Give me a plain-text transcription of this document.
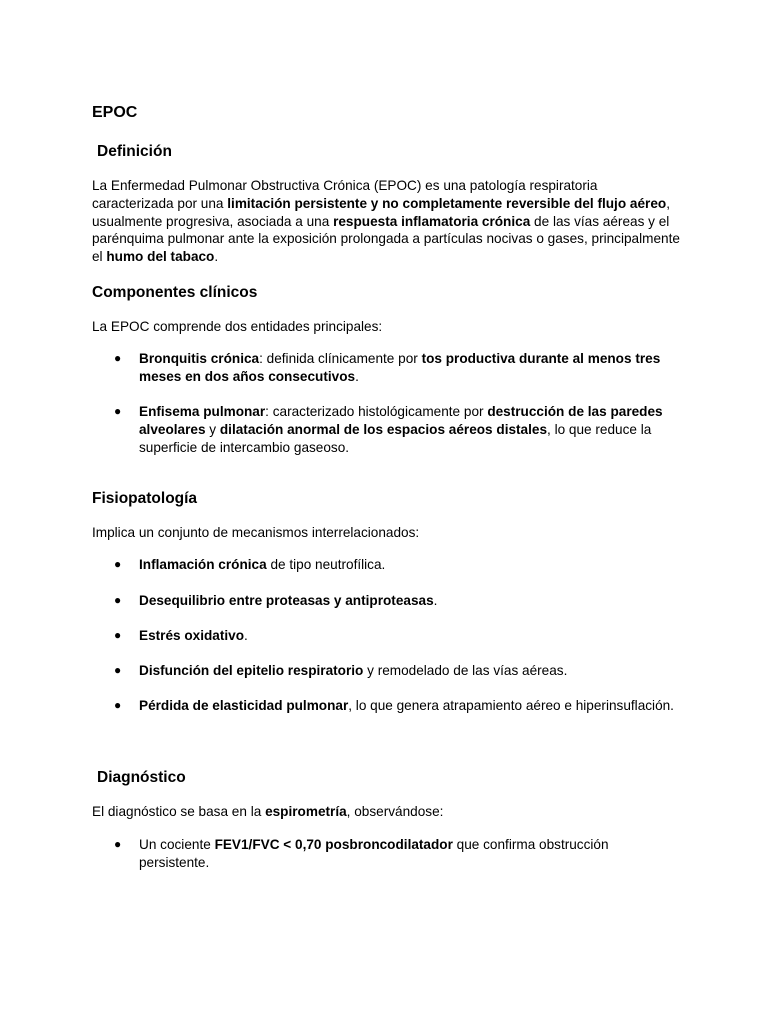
EPOC
Definición

La Enfermedad Pulmonar Obstructiva Crónica (EPOC) es una patología respiratoria caracterizada por una limitación persistente y no completamente reversible del flujo aéreo, usualmente progresiva, asociada a una respuesta inflamatoria crónica de las vías aéreas y el parénquima pulmonar ante la exposición prolongada a partículas nocivas o gases, principalmente el humo del tabaco.

Componentes clínicos

La EPOC comprende dos entidades principales:

● Bronquitis crónica: definida clínicamente por tos productiva durante al menos tres meses en dos años consecutivos.
● Enfisema pulmonar: caracterizado histológicamente por destrucción de las paredes alveolares y dilatación anormal de los espacios aéreos distales, lo que reduce la superficie de intercambio gaseoso.
Fisiopatología

Implica un conjunto de mecanismos interrelacionados:

● Inflamación crónica de tipo neutrofílica.
● Desequilibrio entre proteasas y antiproteasas.
● Estrés oxidativo.
● Disfunción del epitelio respiratorio y remodelado de las vías aéreas.
● Pérdida de elasticidad pulmonar, lo que genera atrapamiento aéreo e hiperinsuflación.
Diagnóstico

El diagnóstico se basa en la espirometría, observándose:

● Un cociente FEV1/FVC < 0,70 posbroncodilatador que confirma obstrucción persistente.
